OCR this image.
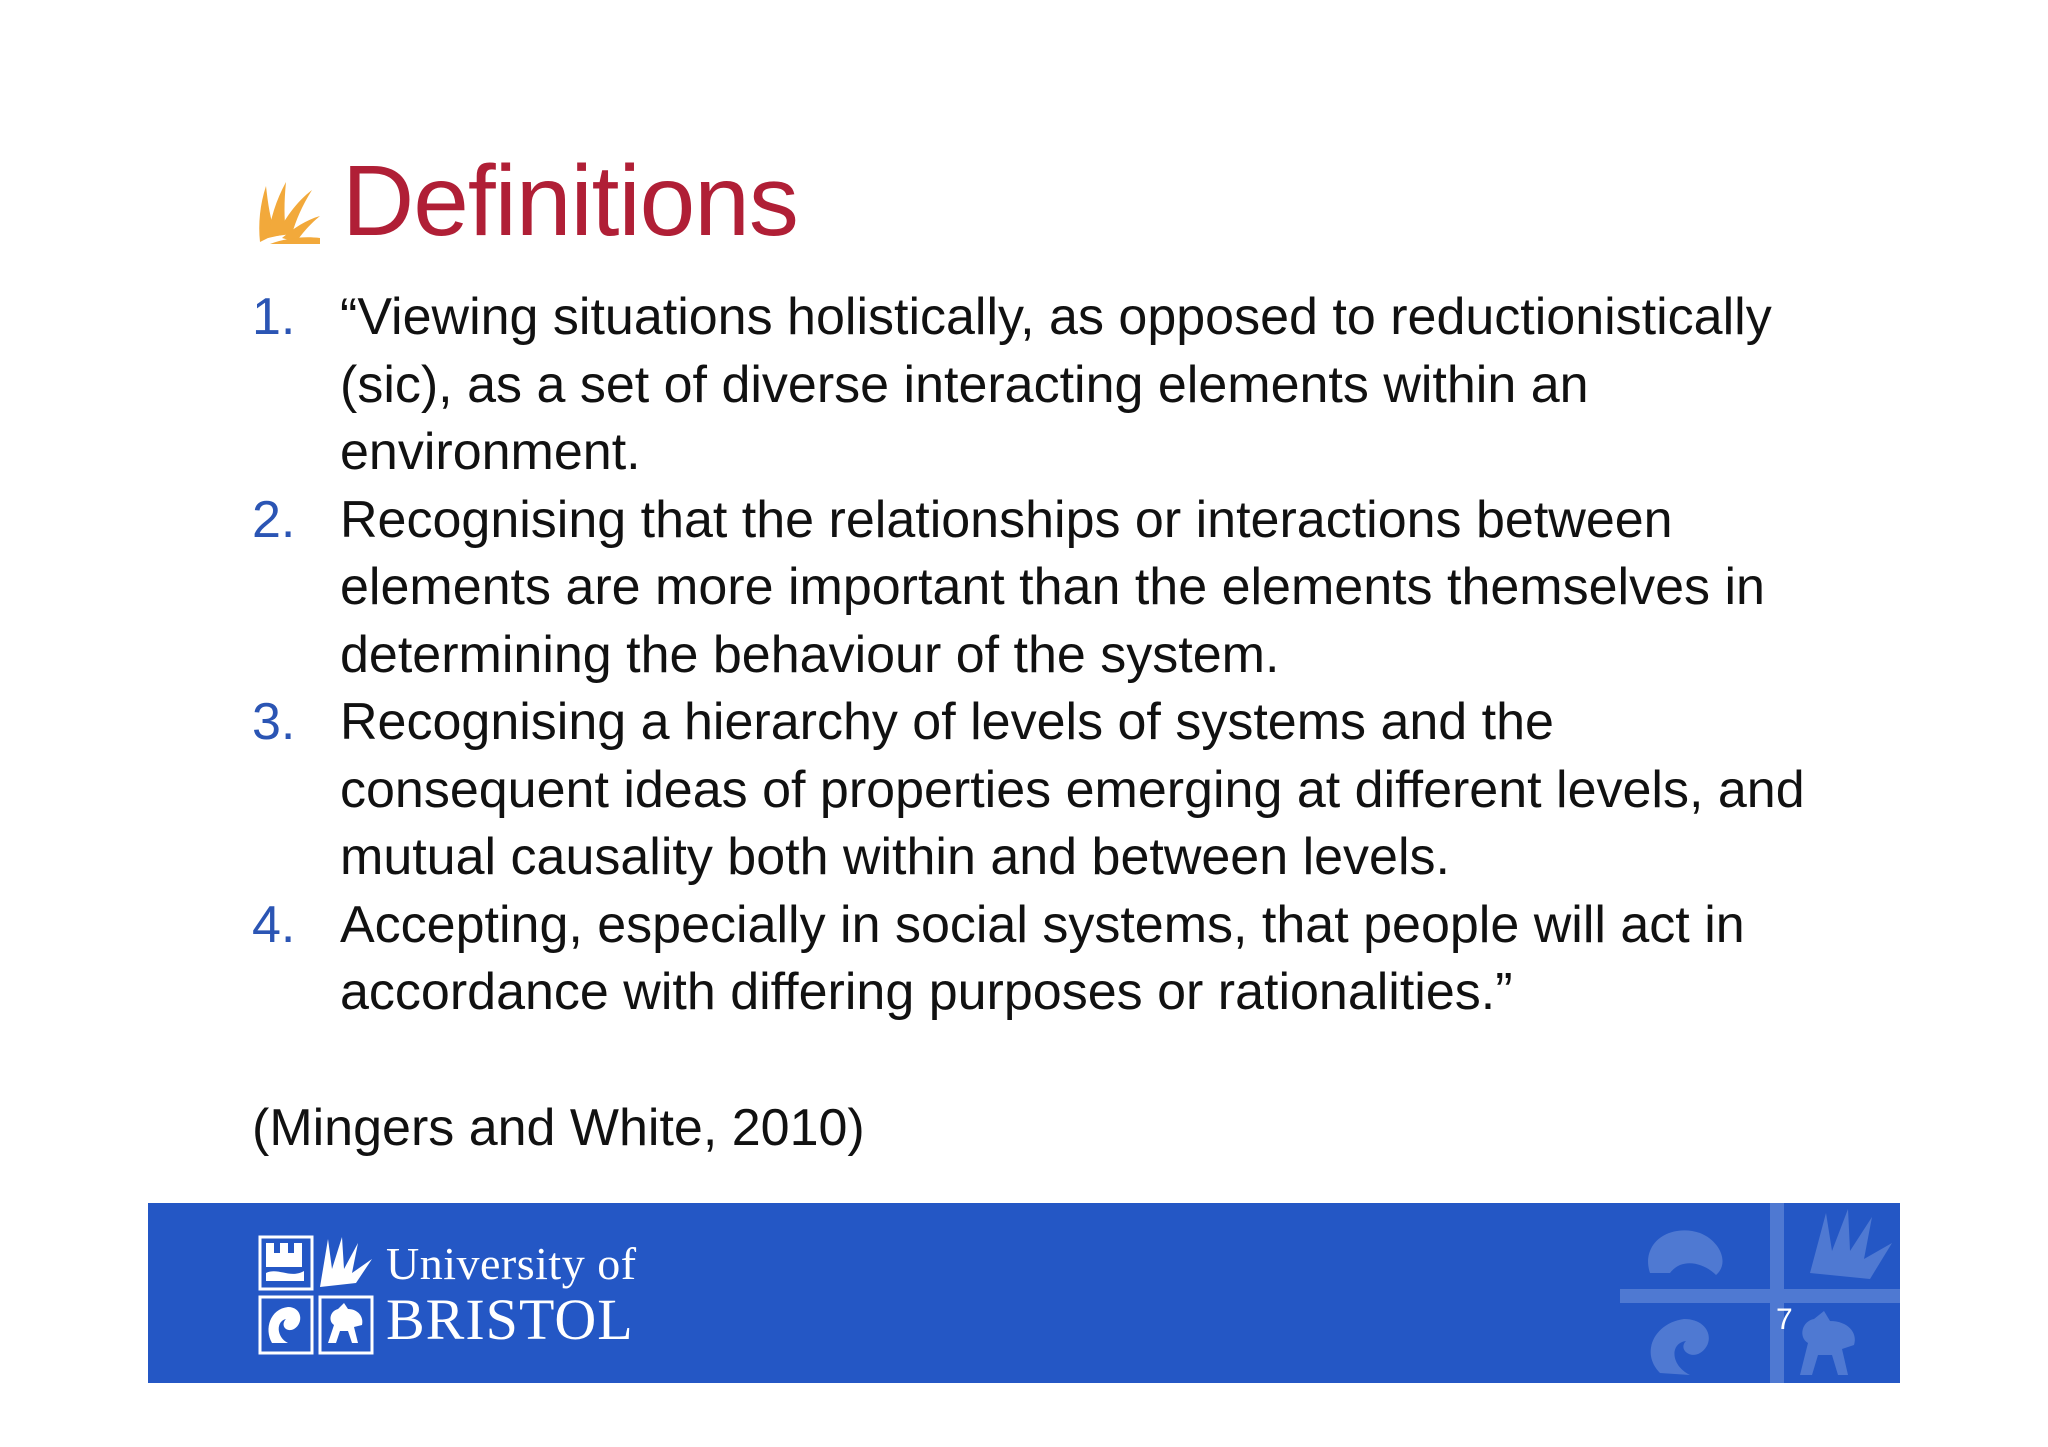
Definitions
1. “Viewing situations holistically, as opposed to reductionistically (sic), as a set of diverse interacting elements within an environment.
2. Recognising that the relationships or interactions between elements are more important than the elements themselves in determining the behaviour of the system.
3. Recognising a hierarchy of levels of systems and the consequent ideas of properties emerging at different levels, and mutual causality both within and between levels.
4. Accepting, especially in social systems, that people will act in accordance with differing purposes or rationalities.”
(Mingers and White, 2010)
University of
BRISTOL	7
